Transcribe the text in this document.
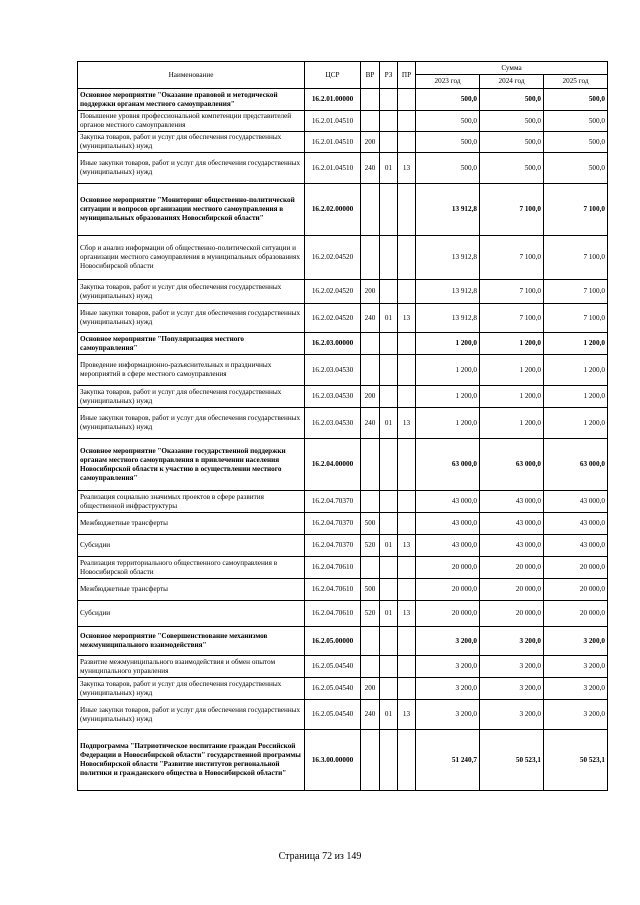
Наименование	ЦСР	ВР	РЗ	ПР	Сумма		
					2023 год	2024 год	2025 год
Основное мероприятие "Оказание правовой и методической поддержки органам местного самоуправления"	16.2.01.00000				500,0	500,0	500,0
Повышение уровня профессиональной компетенции представителей органов местного самоуправления	16.2.01.04510				500,0	500,0	500,0
Закупка товаров, работ и услуг для обеспечения государственных (муниципальных) нужд	16.2.01.04510	200			500,0	500,0	500,0
Иные закупки товаров, работ и услуг для обеспечения государственных (муниципальных) нужд	16.2.01.04510	240	01	13	500,0	500,0	500,0
Основное мероприятие "Мониторинг общественно-политической ситуации и вопросов организации местного самоуправления в муниципальных образованиях Новосибирской области"	16.2.02.00000				13 912,8	7 100,0	7 100,0
Сбор и анализ информации об общественно-политической ситуации и организации местного самоуправления в муниципальных образованиях Новосибирской области	16.2.02.04520				13 912,8	7 100,0	7 100,0
Закупка товаров, работ и услуг для обеспечения государственных (муниципальных) нужд	16.2.02.04520	200			13 912,8	7 100,0	7 100,0
Иные закупки товаров, работ и услуг для обеспечения государственных (муниципальных) нужд	16.2.02.04520	240	01	13	13 912,8	7 100,0	7 100,0
Основное мероприятие "Популяризация местного самоуправления"	16.2.03.00000				1 200,0	1 200,0	1 200,0
Проведение информационно-разъяснительных и праздничных мероприятий в сфере местного самоуправления	16.2.03.04530				1 200,0	1 200,0	1 200,0
Закупка товаров, работ и услуг для обеспечения государственных (муниципальных) нужд	16.2.03.04530	200			1 200,0	1 200,0	1 200,0
Иные закупки товаров, работ и услуг для обеспечения государственных (муниципальных) нужд	16.2.03.04530	240	01	13	1 200,0	1 200,0	1 200,0
Основное мероприятие "Оказание государственной поддержки органам местного самоуправления в привлечении населения Новосибирской области к участию в осуществлении местного самоуправления"	16.2.04.00000				63 000,0	63 000,0	63 000,0
Реализация социально значимых проектов в сфере развития общественной инфраструктуры	16.2.04.70370				43 000,0	43 000,0	43 000,0
Межбюджетные трансферты	16.2.04.70370	500			43 000,0	43 000,0	43 000,0
Субсидии	16.2.04.70370	520	01	13	43 000,0	43 000,0	43 000,0
Реализация территориального общественного самоуправления в Новосибирской области	16.2.04.70610				20 000,0	20 000,0	20 000,0
Межбюджетные трансферты	16.2.04.70610	500			20 000,0	20 000,0	20 000,0
Субсидии	16.2.04.70610	520	01	13	20 000,0	20 000,0	20 000,0
Основное мероприятие "Совершенствование механизмов межмуниципального взаимодействия"	16.2.05.00000				3 200,0	3 200,0	3 200,0
Развитие межмуниципального взаимодействия и обмен опытом муниципального управления	16.2.05.04540				3 200,0	3 200,0	3 200,0
Закупка товаров, работ и услуг для обеспечения государственных (муниципальных) нужд	16.2.05.04540	200			3 200,0	3 200,0	3 200,0
Иные закупки товаров, работ и услуг для обеспечения государственных (муниципальных) нужд	16.2.05.04540	240	01	13	3 200,0	3 200,0	3 200,0
Подпрограмма "Патриотическое воспитание граждан Российской Федерации в Новосибирской области" государственной программы Новосибирской области "Развитие институтов региональной политики и гражданского общества в Новосибирской области"	16.3.00.00000				51 240,7	50 523,1	50 523,1
Страница 72 из 149
